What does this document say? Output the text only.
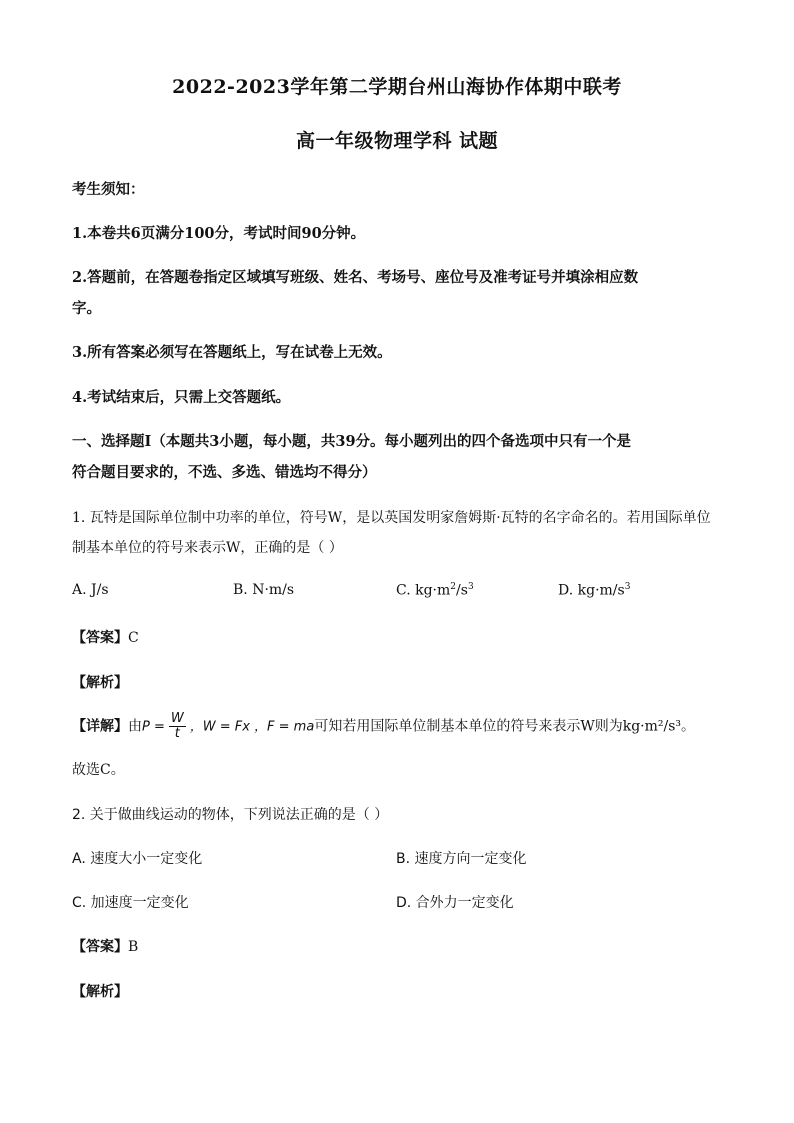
2022-2023学年第二学期台州山海协作体期中联考
高一年级物理学科 试题
考生须知：
1.本卷共6页满分100分，考试时间90分钟。
2.答题前，在答题卷指定区域填写班级、姓名、考场号、座位号及准考证号并填涂相应数
字。
3.所有答案必须写在答题纸上，写在试卷上无效。
4.考试结束后，只需上交答题纸。
一、选择题Ⅰ（本题共3小题，每小题，共39分。每小题列出的四个备选项中只有一个是
符合题目要求的，不选、多选、错选均不得分）
1. 瓦特是国际单位制中功率的单位，符号W，是以英国发明家詹姆斯·瓦特的名字命名的。若用国际单位
制基本单位的符号来表示W，正确的是（ ）
A. J/s	B. N·m/s	C. $kg\cdot m^2/s^3$	D. $kg\cdot m/s^3$
【答案】C
【解析】
【详解】由$P = \frac{W}{t}$ ，W = Fx ，F = ma可知若用国际单位制基本单位的符号来表示W则为kg·m²/s³。
故选C。
2. 关于做曲线运动的物体，下列说法正确的是（ ）
A. 速度大小一定变化	B. 速度方向一定变化
C. 加速度一定变化	D. 合外力一定变化
【答案】B
【解析】
